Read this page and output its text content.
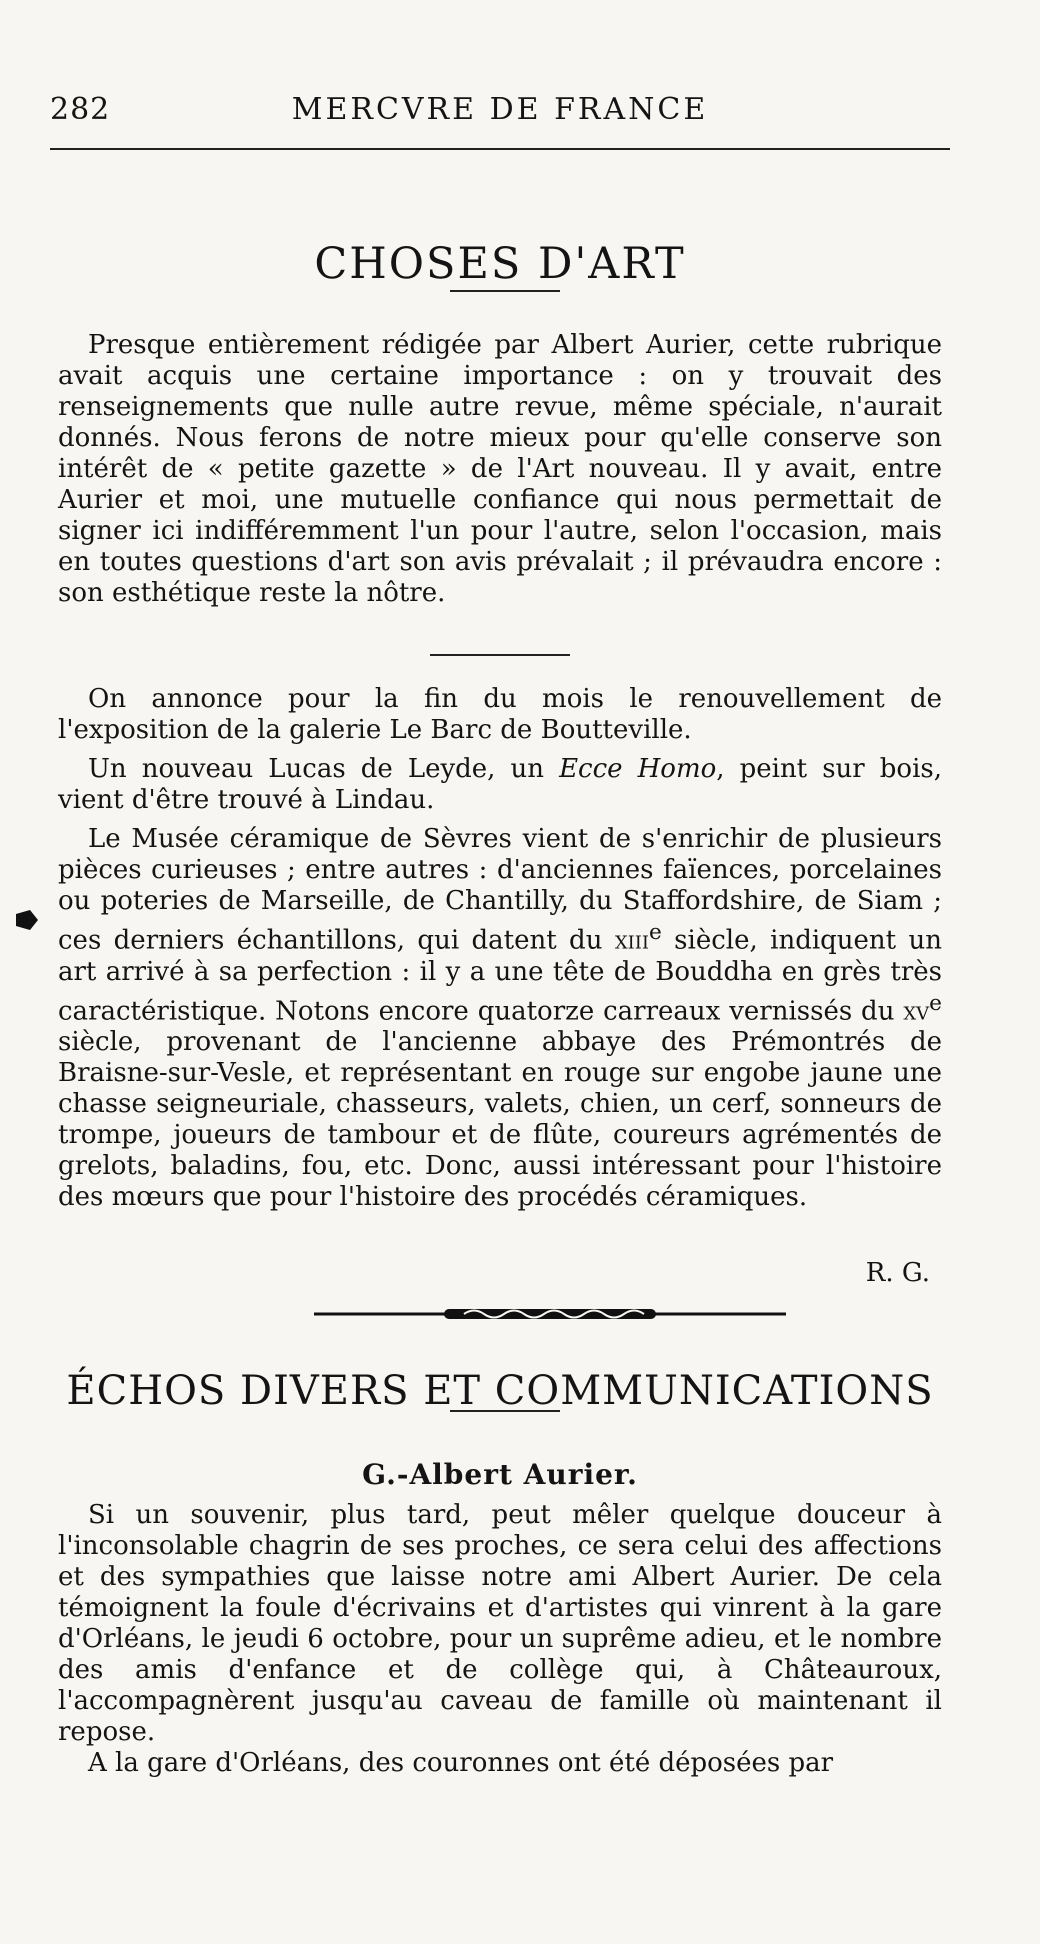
282	MERCVRE DE FRANCE
CHOSES D'ART

Presque entièrement rédigée par Albert Aurier, cette rubrique avait acquis une certaine importance : on y trouvait des renseignements que nulle autre revue, même spéciale, n'aurait donnés. Nous ferons de notre mieux pour qu'elle conserve son intérêt de « petite gazette » de l'Art nouveau. Il y avait, entre Aurier et moi, une mutuelle confiance qui nous permettait de signer ici indifféremment l'un pour l'autre, selon l'occasion, mais en toutes questions d'art son avis prévalait ; il prévaudra encore : son esthétique reste la nôtre.

On annonce pour la fin du mois le renouvellement de l'exposition de la galerie Le Barc de Boutteville.

Un nouveau Lucas de Leyde, un Ecce Homo, peint sur bois, vient d'être trouvé à Lindau.

Le Musée céramique de Sèvres vient de s'enrichir de plusieurs pièces curieuses ; entre autres : d'anciennes faïences, porcelaines ou poteries de Marseille, de Chantilly, du Staffordshire, de Siam ; ces derniers échantillons, qui datent du xiii$^e$ siècle, indiquent un art arrivé à sa perfection : il y a une tête de Bouddha en grès très caractéristique. Notons encore quatorze carreaux vernissés du $xv^e$ siècle, provenant de l'ancienne abbaye des Prémontrés de Braisne-sur-Vesle, et représentant en rouge sur engobe jaune une chasse seigneuriale, chasseurs, valets, chien, un cerf, sonneurs de trompe, joueurs de tambour et de flûte, coureurs agrémentés de grelots, baladins, fou, etc. Donc, aussi intéressant pour l'histoire des mœurs que pour l'histoire des procédés céramiques.

R. G.
ÉCHOS DIVERS ET COMMUNICATIONS
G.-Albert Aurier.

Si un souvenir, plus tard, peut mêler quelque douceur à l'inconsolable chagrin de ses proches, ce sera celui des affections et des sympathies que laisse notre ami Albert Aurier. De cela témoignent la foule d'écrivains et d'artistes qui vinrent à la gare d'Orléans, le jeudi 6 octobre, pour un suprême adieu, et le nombre des amis d'enfance et de collège qui, à Châteauroux, l'accompagnèrent jusqu'au caveau de famille où maintenant il repose.

A la gare d'Orléans, des couronnes ont été déposées par
